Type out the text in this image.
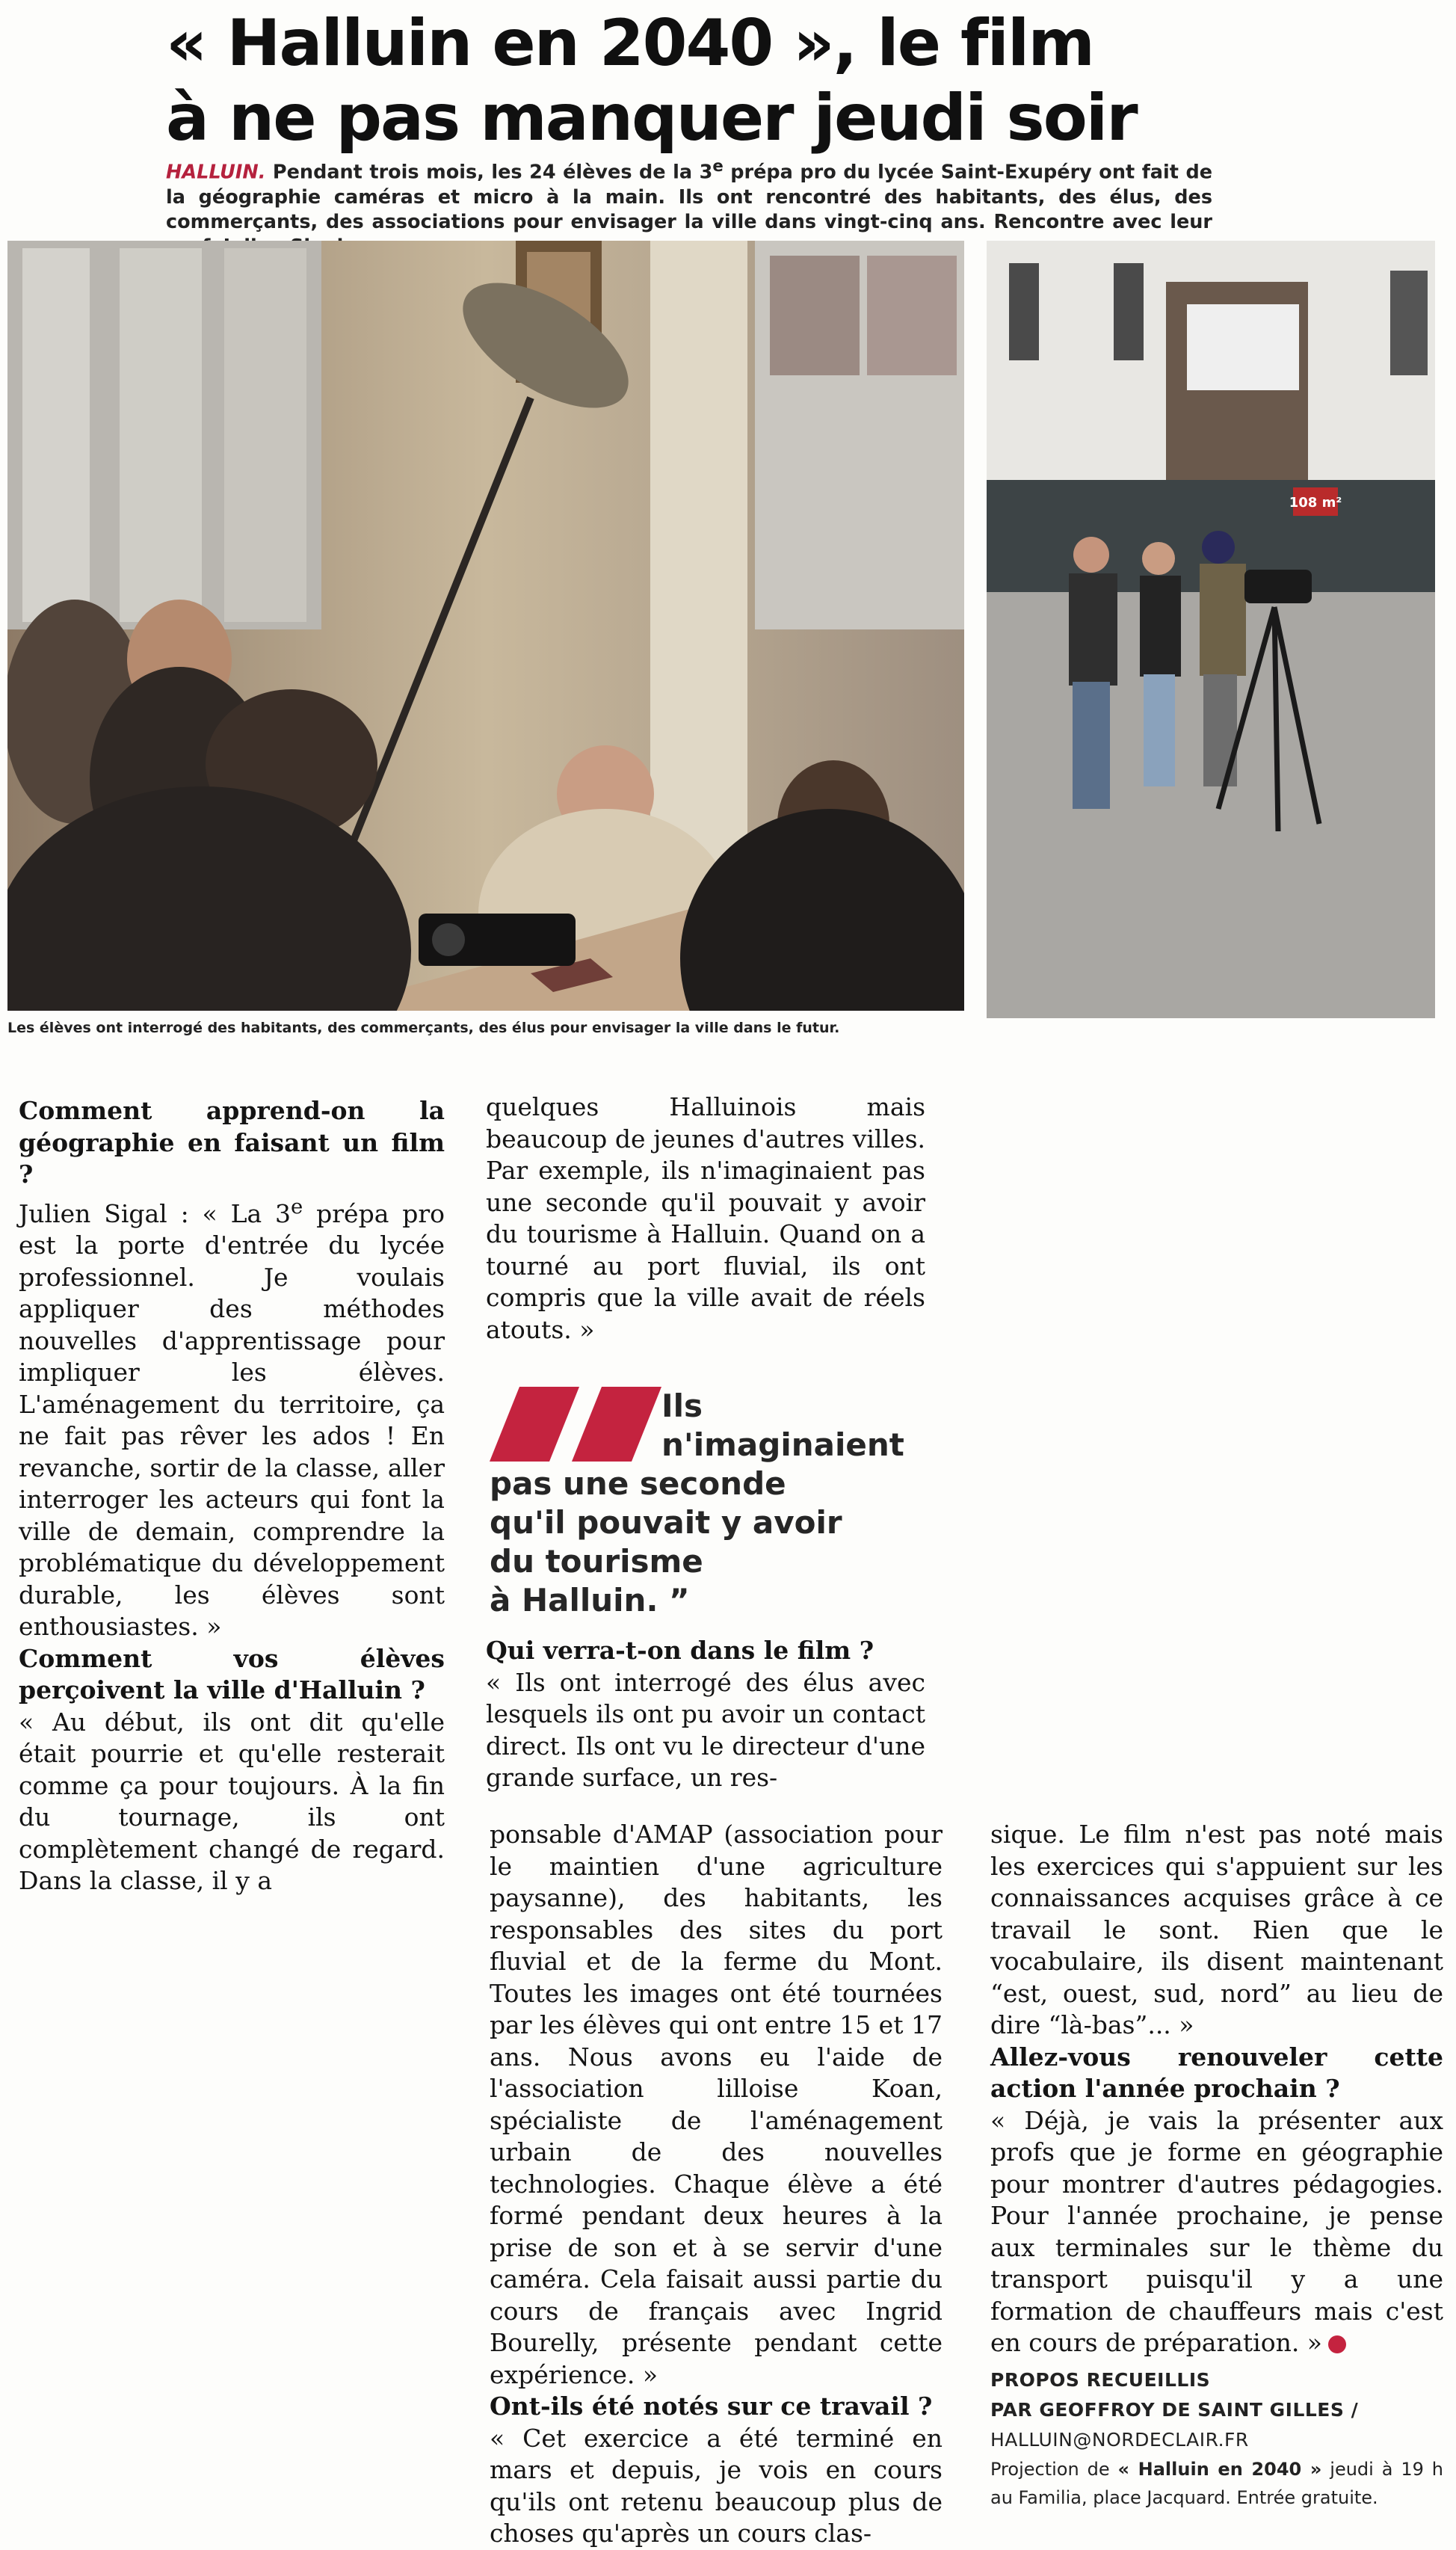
« Halluin en 2040 », le film
à ne pas manquer jeudi soir
HALLUIN. Pendant trois mois, les 24 élèves de la 3e prépa pro du lycée Saint-Exupéry ont fait de la géographie caméras et micro à la main. Ils ont rencontré des habitants, des élus, des commerçants, des associations pour envisager la ville dans vingt-cinq ans. Rencontre avec leur
108 m²
Les élèves ont interrogé des habitants, des commerçants, des élus pour envisager la ville dans le futur.

Comment apprend-on la géographie en faisant un film ?

Julien Sigal : « La 3e prépa pro est la porte d'entrée du lycée professionnel. Je voulais appliquer des méthodes nouvelles d'apprentissage pour impliquer les élèves. L'aménagement du territoire, ça ne fait pas rêver les ados ! En revanche, sortir de la classe, aller interroger les acteurs qui font la ville de demain, comprendre la problématique du développement durable, les élèves sont enthousiastes. »

Comment vos élèves perçoivent la ville d'Halluin ?

« Au début, ils ont dit qu'elle était pourrie et qu'elle resterait comme ça pour toujours. À la fin du tournage, ils ont complètement changé de regard. Dans la classe, il y a

quelques Halluinois mais beaucoup de jeunes d'autres villes. Par exemple, ils n'imaginaient pas une seconde qu'il pouvait y avoir du tourisme à Halluin. Quand on a tourné au port fluvial, ils ont compris que la ville avait de réels atouts. »

Ils
n'imaginaient
pas une seconde
qu'il pouvait y avoir
du tourisme
à Halluin. ”

Qui verra-t-on dans le film ?

« Ils ont interrogé des élus avec lesquels ils ont pu avoir un contact direct. Ils ont vu le directeur d'une grande surface, un res-

ponsable d'AMAP (association pour le maintien d'une agriculture paysanne), des habitants, les responsables des sites du port fluvial et de la ferme du Mont. Toutes les images ont été tournées par les élèves qui ont entre 15 et 17 ans. Nous avons eu l'aide de l'association lilloise Koan, spécialiste de l'aménagement urbain de des nouvelles technologies. Chaque élève a été formé pendant deux heures à la prise de son et à se servir d'une caméra. Cela faisait aussi partie du cours de français avec Ingrid Bourelly, présente pendant cette expérience. »

Ont-ils été notés sur ce travail ?

« Cet exercice a été terminé en mars et depuis, je vois en cours qu'ils ont retenu beaucoup plus de choses qu'après un cours clas-

sique. Le film n'est pas noté mais les exercices qui s'appuient sur les connaissances acquises grâce à ce travail le sont. Rien que le vocabulaire, ils disent maintenant “est, ouest, sud, nord” au lieu de dire “là-bas”... »

Allez-vous renouveler cette action l'année prochain ?

« Déjà, je vais la présenter aux profs que je forme en géographie pour montrer d'autres pédagogies. Pour l'année prochaine, je pense aux terminales sur le thème du transport puisqu'il y a une formation de chauffeurs mais c'est en cours de préparation. »

PROPOS RECUEILLIS
PAR GEOFFROY DE SAINT GILLES /
HALLUIN@NORDECLAIR.FR
Projection de « Halluin en 2040 » jeudi à 19 h au Familia, place Jacquard. Entrée gratuite.
